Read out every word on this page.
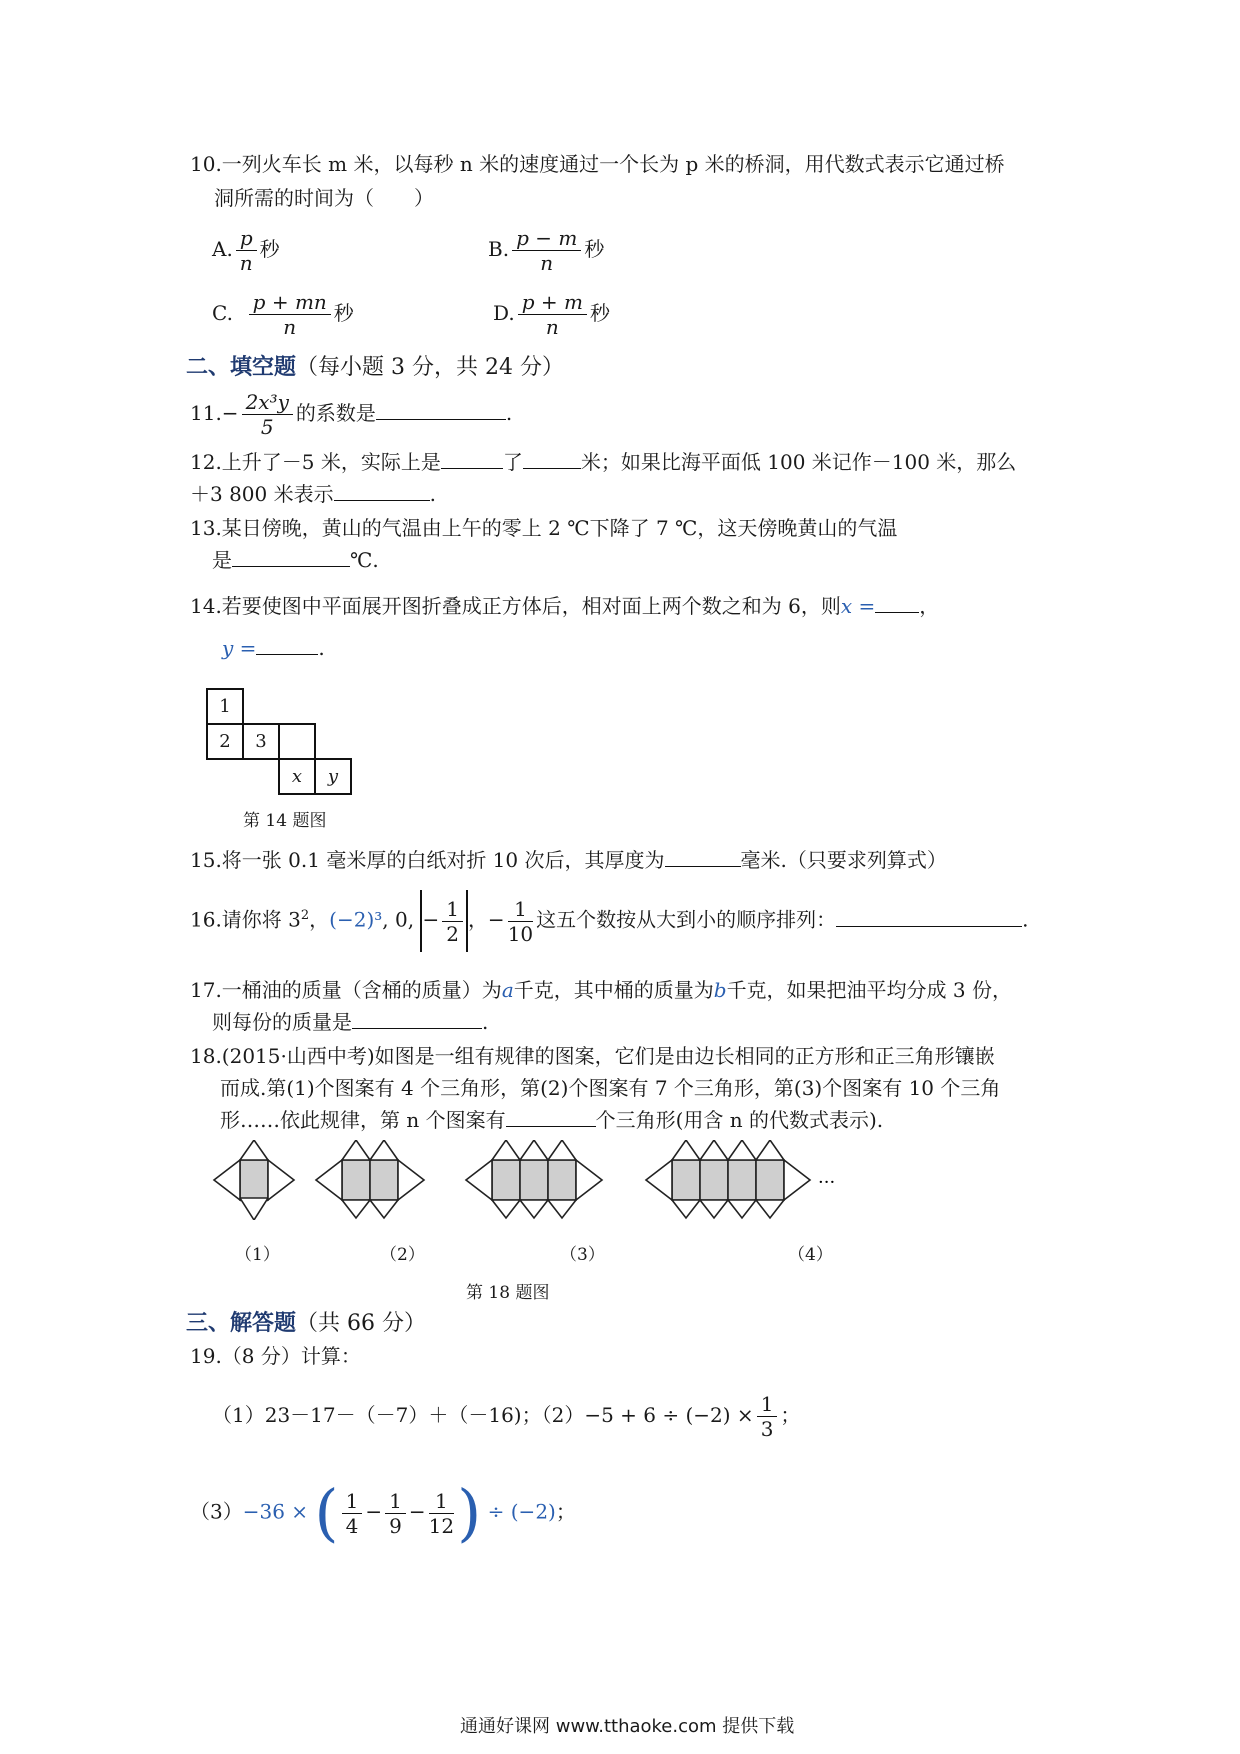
10.一列火车长 m 米，以每秒 n 米的速度通过一个长为 p 米的桥洞，用代数式表示它通过桥
洞所需的时间为（　　）
A. $\frac{p}{n}$ 秒	B. $\frac{p - m}{n}$ 秒
C. $\frac{p + mn}{n}$ 秒	D. $\frac{p + m}{n}$ 秒
二、填空题（每小题 3 分，共 24 分）
$11.- \frac{\text{2x³y}}{5}$ 的系数是	.
12.上升了－5 米，实际上是	了	米；如果比海平面低 100 米记作－100 米，那么
＋3 800 米表示	.
13.某日傍晚，黄山的气温由上午的零上 2 ℃下降了 7 ℃，这天傍晚黄山的气温
是	℃.
14.若要使图中平面展开图折叠成正方体后，相对面上两个数之和为 6，则x = ，
y =	.
1			
2	3		
		x	y
第 14 题图
15.将一张 0.1 毫米厚的白纸对折 10 次后，其厚度为	毫米.（只要求列算式）
16.请你将 $3^2$，(−2)³, 0, − $\frac{1}{2}$ ，− $\frac{1}{10}$ 这五个数按从大到小的顺序排列：	.
17.一桶油的质量（含桶的质量）为a千克，其中桶的质量为b千克，如果把油平均分成 3 份，
则每份的质量是	.
18.(2015·山西中考)如图是一组有规律的图案，它们是由边长相同的正方形和正三角形镶嵌
而成.第(1)个图案有 4 个三角形，第(2)个图案有 7 个三角形，第(3)个图案有 10 个三角
形……依此规律，第 n 个图案有	个三角形(用含 n 的代数式表示).
···
（1）	（2）	（3）	（4）
第 18 题图
三、解答题（共 66 分）
19.（8 分）计算：
（1）23－17－（－7）＋（－16)；$(2)-5 + 6 \div (-2) \times \frac{1}{3}$ ；
（3）−36 × ( $\frac{1}{4} - \frac{1}{9} - \frac{1}{12}$ ) ÷ (−2)；
通通好课网 www.tthaoke.com 提供下载
